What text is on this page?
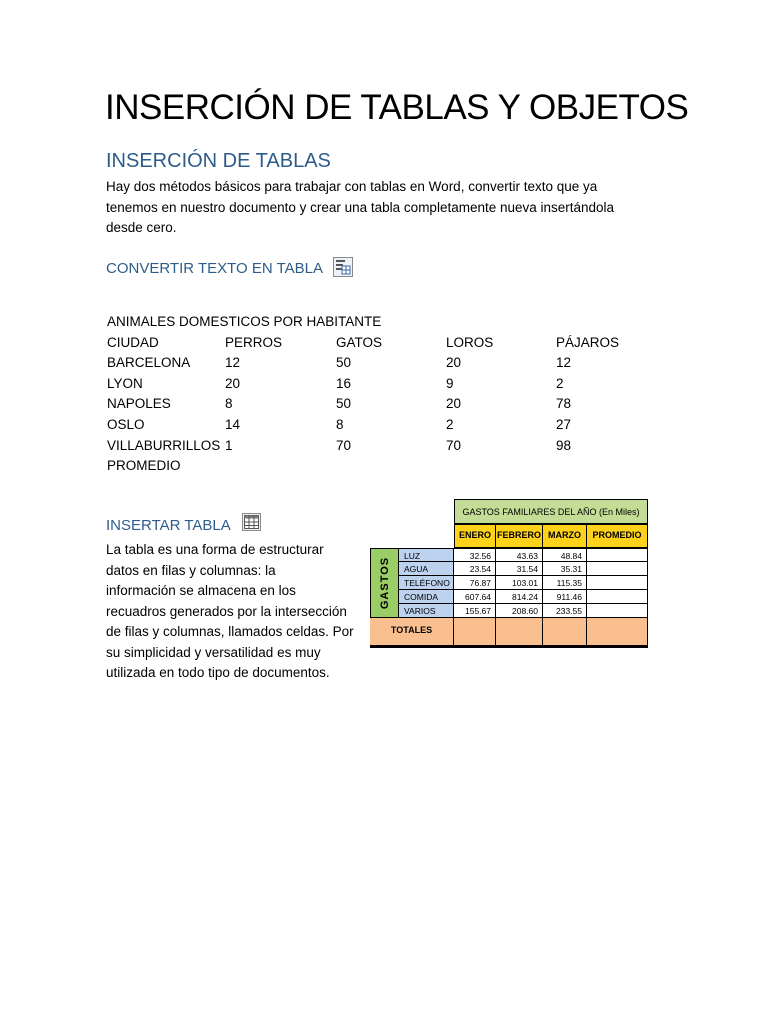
INSERCIÓN DE TABLAS Y OBJETOS
INSERCIÓN DE TABLAS
Hay dos métodos básicos para trabajar con tablas en Word, convertir texto que ya
tenemos en nuestro documento y crear una tabla completamente nueva insertándola
desde cero.
CONVERTIR TEXTO EN TABLA
ANIMALES DOMESTICOS POR HABITANTE
CIUDAD	PERROS	GATOS	LOROS	PÁJAROS
BARCELONA	12	50	20	12
LYON	20	16	9	2
NAPOLES	8	50	20	78
OSLO	14	8	2	27
VILLABURRILLOS 1	70	70	98
PROMEDIO
INSERTAR TABLA
La tabla es una forma de estructurar
datos en filas y columnas: la
información se almacena en los
recuadros generados por la intersección
de filas y columnas, llamados celdas. Por
su simplicidad y versatilidad es muy
utilizada en todo tipo de documentos.
GASTOS FAMILIARES DEL AÑO (En Miles)
ENERO FEBRERO MARZO	PROMEDIO
GASTOS
LUZ	32.56	43.63	48.84
AGUA	23.54	31.54	35.31
TELÉFONO	76.87	103.01	115.35
COMIDA	607.64	814.24	911.46
VARIOS	155.67	208.60	233.55
TOTALES
